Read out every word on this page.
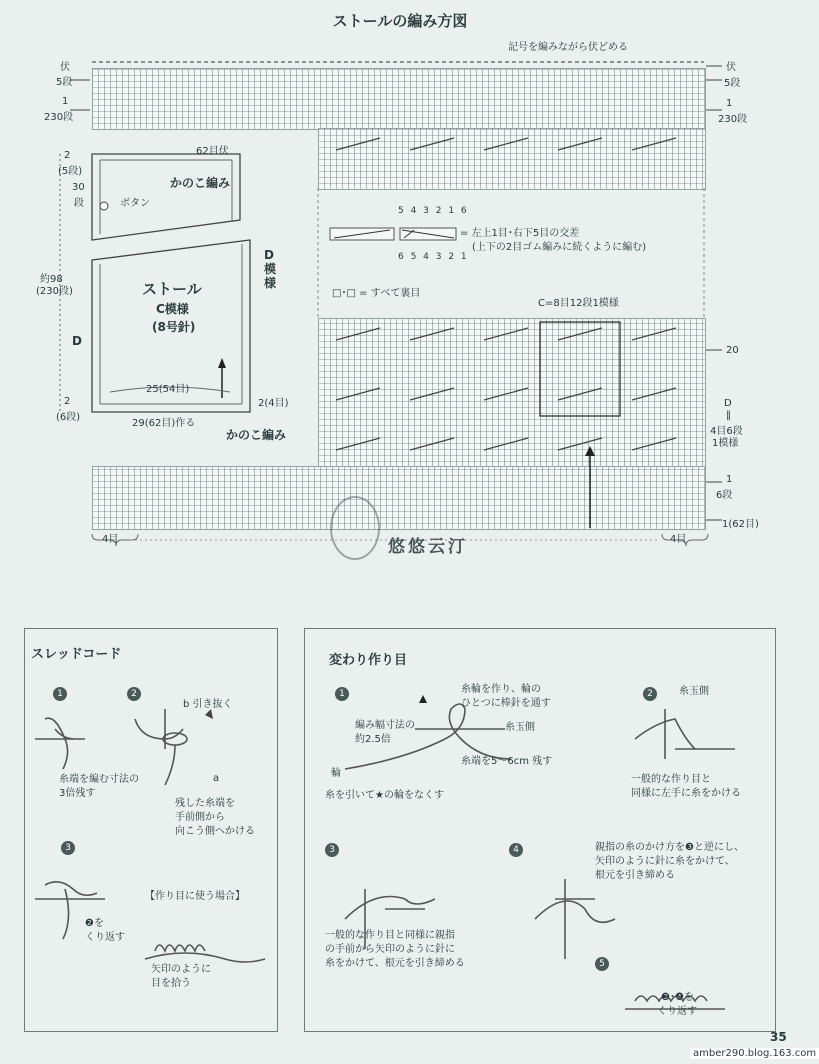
ストールの編み方図
記号を編みながら伏どめる
伏	伏
5段	5段
1
230段
1
230段
20
D
‖
4目6段
1模様
1
6段
1(62目)
4目	4目
C=8目12段1模様
5 4 3 2 1 6
6 5 4 3 2 1
= 左上1目･右下5目の交差
(上下の2目ゴム編みに続くように編む)
□･□ = すべて裏目
62目伏
かのこ編み
2
(5段)
30
段	ボタン
約98
(230段)	ストール
C模様
(8号針)
D
模様
D
25(54目)
29(62目)作る
2(4目)
2
(6段)
かのこ編み
悠悠云汀
スレッドコード
1	2
3
b 引き抜く
糸端を編む寸法の
3倍残す
a
残した糸端を
手前側から
向こう側へかける
【作り目に使う場合】
❷を
くり返す
矢印のように
目を拾う
変わり作り目
1	2
3	4
5
糸輪を作り、輪の
ひとつに棒針を通す
編み幅寸法の
約2.5倍
糸玉側
輪
糸端を5～6cm 残す
糸を引いて★の輪をなくす
糸玉側
一般的な作り目と
同様に左手に糸をかける
一般的な作り目と同様に親指
の手前から矢印のように針に
糸をかけて、根元を引き締める
親指の糸のかけ方を❸と逆にし、
矢印のように針に糸をかけて、
根元を引き締める
❸･❹を
くり返す
35
amber290.blog.163.com
